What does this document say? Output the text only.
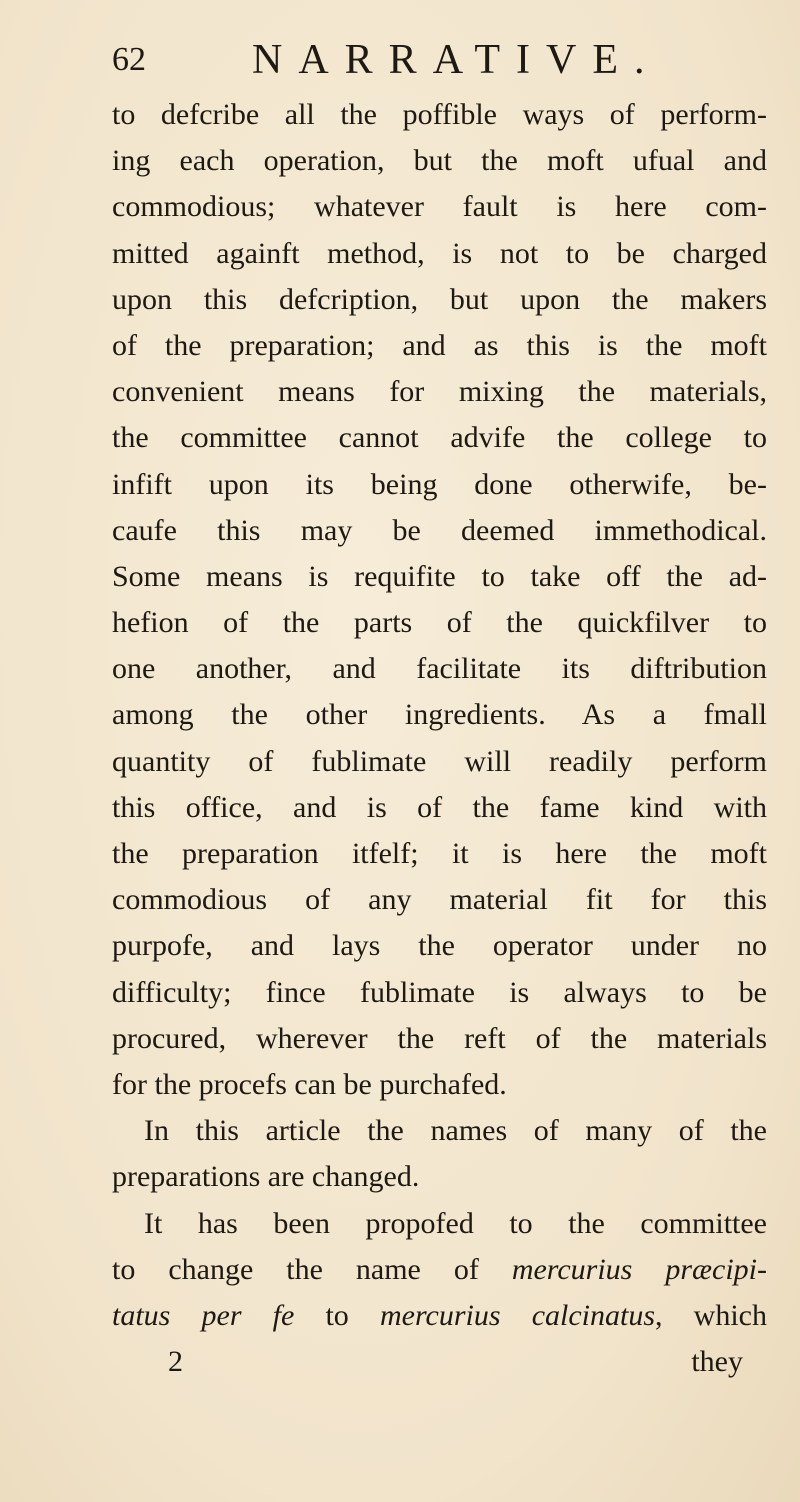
62	NARRATIVE.
to defcribe all the poffible ways of perform-
ing each operation, but the moft ufual and
commodious; whatever fault is here com-
mitted againft method, is not to be charged
upon this defcription, but upon the makers
of the preparation; and as this is the moft
convenient means for mixing the materials,
the committee cannot advife the college to
infift upon its being done otherwife, be-
caufe this may be deemed immethodical.
Some means is requifite to take off the ad-
hefion of the parts of the quickfilver to
one another, and facilitate its diftribution
among the other ingredients. As a fmall
quantity of fublimate will readily perform
this office, and is of the fame kind with
the preparation itfelf; it is here the moft
commodious of any material fit for this
purpofe, and lays the operator under no
difficulty; fince fublimate is always to be
procured, wherever the reft of the materials
for the procefs can be purchafed.
In this article the names of many of the
preparations are changed.
It has been propofed to the committee
to change the name of mercurius præcipi-
tatus per fe to mercurius calcinatus, which
2	they
